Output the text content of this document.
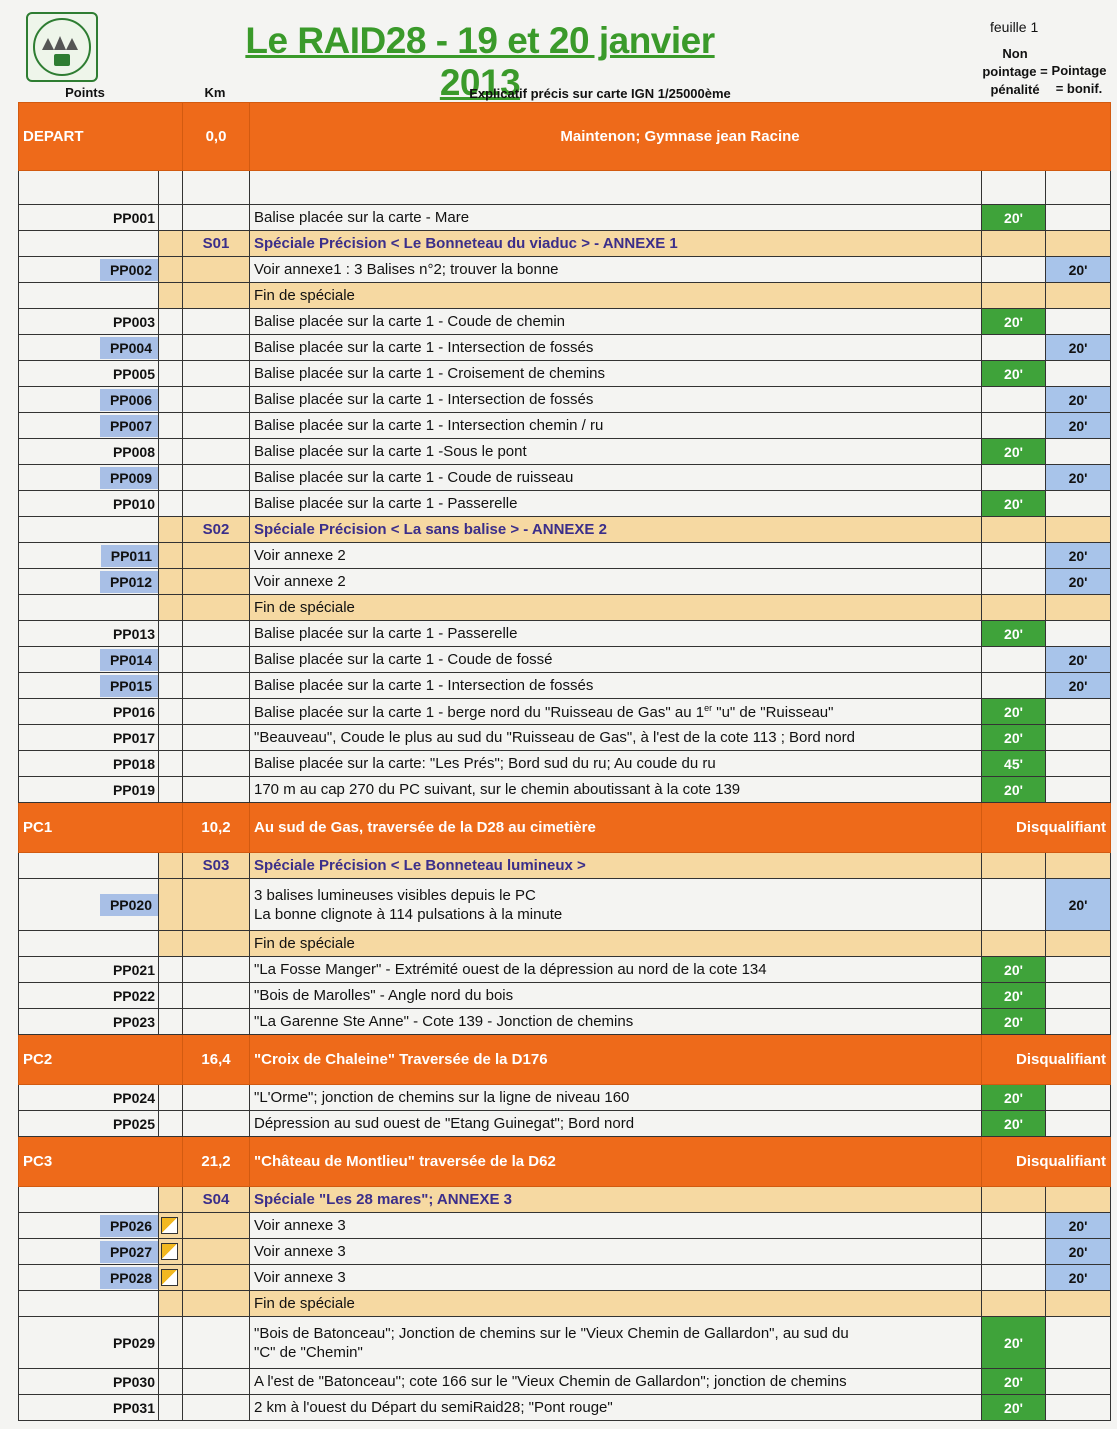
Le RAID28 - 19 et 20 janvier 2013
feuille 1
Points	Km	Explicatif précis sur carte IGN 1/25000ème
Non pointage = pénalité
Pointage = bonif.
DEPART		0,0	Maintenon; Gymnase jean Racine		

PP001			Balise placée sur la carte - Mare	20'	
		S01	Spéciale Précision < Le Bonneteau du viaduc > - ANNEXE 1		
PP002			Voir annexe1 : 3 Balises n°2; trouver la bonne		20'
			Fin de spéciale		
PP003			Balise placée sur la carte 1 - Coude de chemin	20'	
PP004			Balise placée sur la carte 1 - Intersection de fossés		20'
PP005			Balise placée sur la carte 1 - Croisement de chemins	20'	
PP006			Balise placée sur la carte 1 - Intersection de fossés		20'
PP007			Balise placée sur la carte 1 - Intersection chemin / ru		20'
PP008			Balise placée sur la carte 1 -Sous le pont	20'	
PP009			Balise placée sur la carte 1 - Coude de ruisseau		20'
PP010			Balise placée sur la carte 1 - Passerelle	20'	
		S02	Spéciale Précision < La sans balise > - ANNEXE 2		
PP011			Voir annexe 2		20'
PP012			Voir annexe 2		20'
			Fin de spéciale		
PP013			Balise placée sur la carte 1 - Passerelle	20'	
PP014			Balise placée sur la carte 1 - Coude de fossé		20'
PP015			Balise placée sur la carte 1 - Intersection de fossés		20'
PP016			Balise placée sur la carte 1 - berge nord du "Ruisseau de Gas" au 1er "u" de "Ruisseau"	20'	
PP017			"Beauveau", Coude le plus au sud du "Ruisseau de Gas", à l'est de la cote 113 ; Bord nord	20'	
PP018			Balise placée sur la carte: "Les Prés"; Bord sud du ru; Au coude du ru	45'	
PP019			170 m au cap 270 du PC suivant, sur le chemin aboutissant à la cote 139	20'	
PC1		10,2	Au sud de Gas, traversée de la D28 au cimetière	Disqualifiant	
		S03	Spéciale Précision < Le Bonneteau lumineux >		
PP020			3 balises lumineuses visibles depuis le PC
La bonne clignote à 114 pulsations à la minute		20'
			Fin de spéciale		
PP021			"La Fosse Manger" - Extrémité ouest de la dépression au nord de la cote 134	20'	
PP022			"Bois de Marolles" - Angle nord du bois	20'	
PP023			"La Garenne Ste Anne" - Cote 139 - Jonction de chemins	20'	
PC2		16,4	"Croix de Chaleine" Traversée de la D176	Disqualifiant	
PP024			"L'Orme"; jonction de chemins sur la ligne de niveau 160	20'	
PP025			Dépression au sud ouest de "Etang Guinegat"; Bord nord	20'	
PC3		21,2	"Château de Montlieu" traversée de la D62	Disqualifiant	
		S04	Spéciale "Les 28 mares"; ANNEXE 3		
PP026			Voir annexe 3		20'
PP027			Voir annexe 3		20'
PP028			Voir annexe 3		20'
			Fin de spéciale		
PP029			"Bois de Batonceau"; Jonction de chemins sur le "Vieux Chemin de Gallardon", au sud du
"C" de "Chemin"	20'	
PP030			A l'est de "Batonceau"; cote 166 sur le "Vieux Chemin de Gallardon"; jonction de chemins	20'	
PP031			2 km à l'ouest du Départ du semiRaid28; "Pont rouge"	20'	
